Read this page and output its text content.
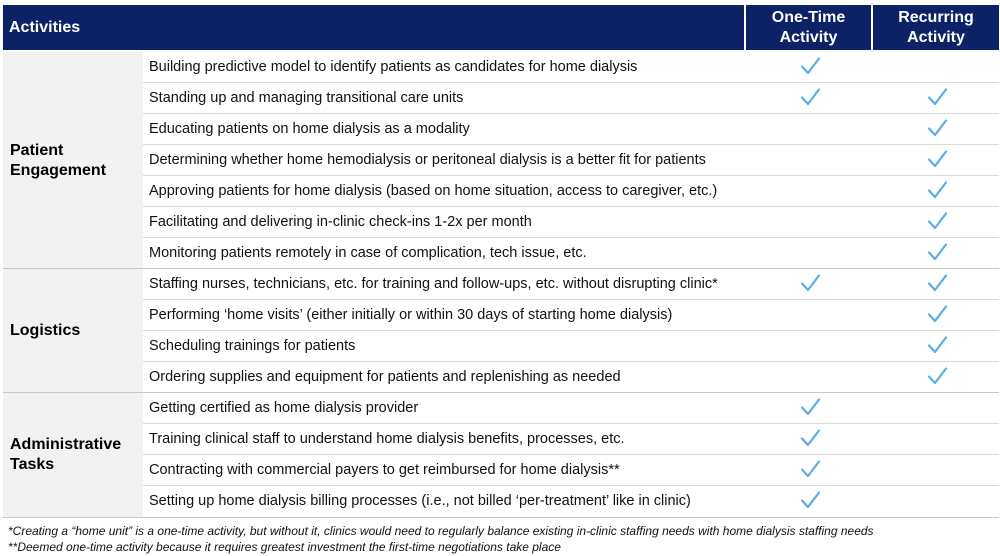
Activities
One-Time
Activity
Recurring
Activity
Patient
Engagement
Building predictive model to identify patients as candidates for home dialysis
Standing up and managing transitional care units
Educating patients on home dialysis as a modality
Determining whether home hemodialysis or peritoneal dialysis is a better fit for patients
Approving patients for home dialysis (based on home situation, access to caregiver, etc.)
Facilitating and delivering in-clinic check-ins 1-2x per month
Monitoring patients remotely in case of complication, tech issue, etc.
Logistics
Staffing nurses, technicians, etc. for training and follow-ups, etc. without disrupting clinic*
Performing ‘home visits’ (either initially or within 30 days of starting home dialysis)
Scheduling trainings for patients
Ordering supplies and equipment for patients and replenishing as needed
Administrative
Tasks
Getting certified as home dialysis provider
Training clinical staff to understand home dialysis benefits, processes, etc.
Contracting with commercial payers to get reimbursed for home dialysis**
Setting up home dialysis billing processes (i.e., not billed ‘per-treatment’ like in clinic)
*Creating a “home unit” is a one-time activity, but without it, clinics would need to regularly balance existing in-clinic staffing needs with home dialysis staffing needs
**Deemed one-time activity because it requires greatest investment the first-time negotiations take place
